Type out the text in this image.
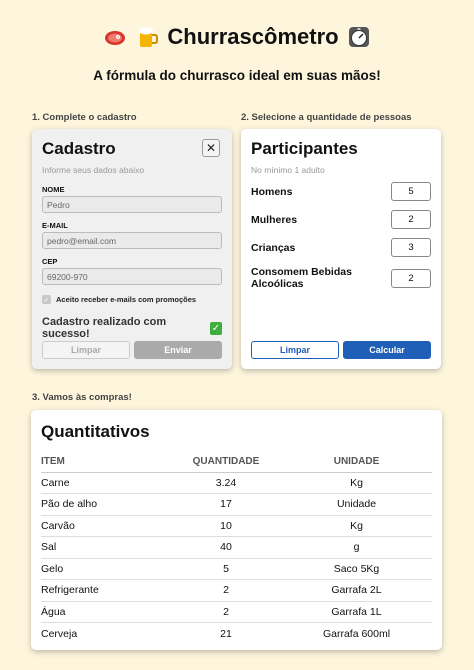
Churrascômetro
A fórmula do churrasco ideal em suas mãos!
1. Complete o cadastro	2. Selecione a quantidade de pessoas
3. Vamos às compras!
Cadastro	✕
Informe seus dados abaixo
NOME
Pedro
E-MAIL
pedro@email.com
CEP
69200-970
✓ Aceito receber e-mails com promoções
Cadastro realizado com sucesso!	✓
Limpar	Enviar
Participantes
No mínimo 1 adulto
Homens	5
Mulheres	2
Crianças	3
Consomem Bebidas Alcoólicas	2
Limpar	Calcular
Quantitativos
ITEM	QUANTIDADE	UNIDADE
Carne	3.24	Kg
Pão de alho	17	Unidade
Carvão	10	Kg
Sal	40	g
Gelo	5	Saco 5Kg
Refrigerante	2	Garrafa 2L
Água	2	Garrafa 1L
Cerveja	21	Garrafa 600ml
